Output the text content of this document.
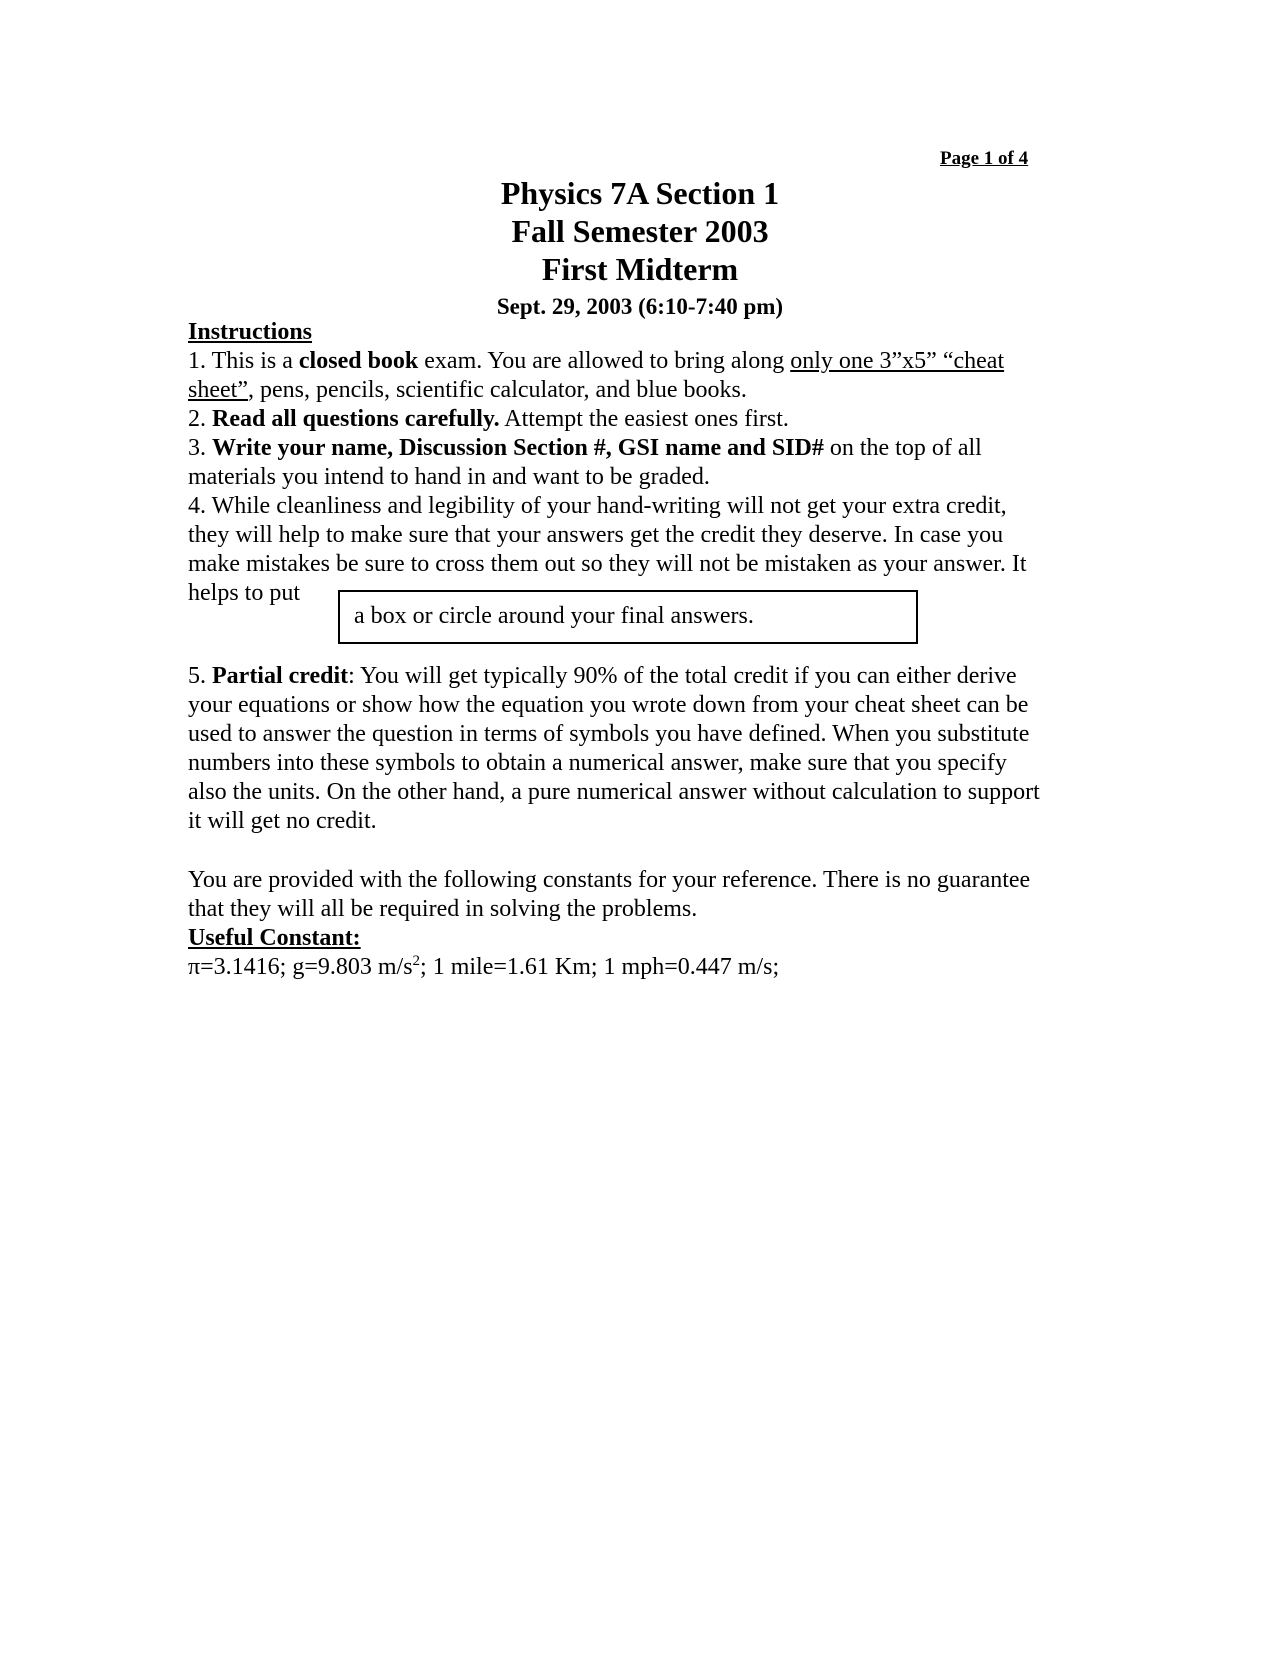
Page 1 of 4
Physics 7A Section 1
Fall Semester 2003
First Midterm
Sept. 29, 2003 (6:10-7:40 pm)

Instructions

1. This is a closed book exam. You are allowed to bring along only one 3”x5” “cheat

sheet”, pens, pencils, scientific calculator, and blue books.

2. Read all questions carefully. Attempt the easiest ones first.

3. Write your name, Discussion Section #, GSI name and SID# on the top of all

materials you intend to hand in and want to be graded.

4. While cleanliness and legibility of your hand-writing will not get your extra credit,

they will help to make sure that your answers get the credit they deserve. In case you

make mistakes be sure to cross them out so they will not be mistaken as your answer. It

helps to put

a box or circle around your final answers.

5. Partial credit: You will get typically 90% of the total credit if you can either derive

your equations or show how the equation you wrote down from your cheat sheet can be

used to answer the question in terms of symbols you have defined. When you substitute

numbers into these symbols to obtain a numerical answer, make sure that you specify

also the units. On the other hand, a pure numerical answer without calculation to support

it will get no credit.

You are provided with the following constants for your reference. There is no guarantee

that they will all be required in solving the problems.

Useful Constant:

π=3.1416; g=9.803 $m/s^2$; 1 mile=1.61 Km; 1 mph=0.447 m/s;
